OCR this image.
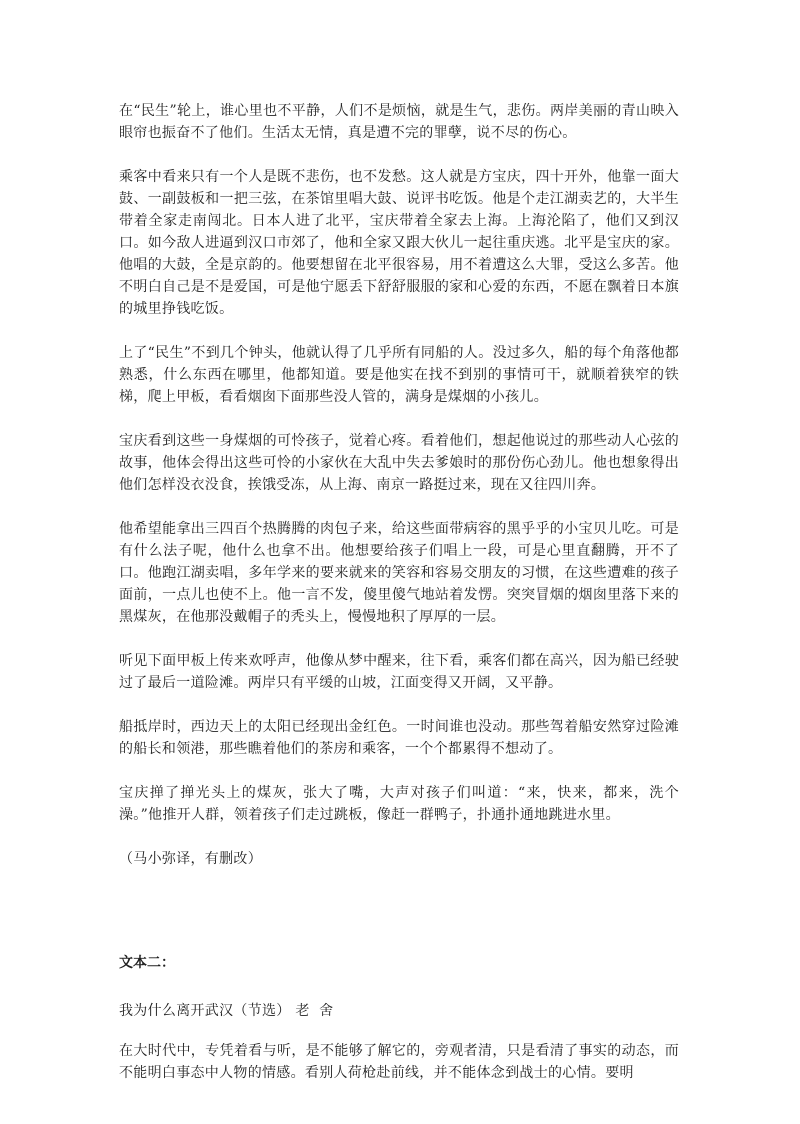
在“民生”轮上，谁心里也不平静，人们不是烦恼，就是生气，悲伤。两岸美丽的青山映入眼帘也振奋不了他们。生活太无情，真是遭不完的罪孽，说不尽的伤心。

乘客中看来只有一个人是既不悲伤，也不发愁。这人就是方宝庆，四十开外，他靠一面大鼓、一副鼓板和一把三弦，在茶馆里唱大鼓、说评书吃饭。他是个走江湖卖艺的，大半生带着全家走南闯北。日本人进了北平，宝庆带着全家去上海。上海沦陷了，他们又到汉口。如今敌人进逼到汉口市郊了，他和全家又跟大伙儿一起往重庆逃。北平是宝庆的家。他唱的大鼓，全是京韵的。他要想留在北平很容易，用不着遭这么大罪，受这么多苦。他不明白自己是不是爱国，可是他宁愿丢下舒舒服服的家和心爱的东西，不愿在飘着日本旗的城里挣钱吃饭。

上了“民生”不到几个钟头，他就认得了几乎所有同船的人。没过多久，船的每个角落他都熟悉，什么东西在哪里，他都知道。要是他实在找不到别的事情可干，就顺着狭窄的铁梯，爬上甲板，看看烟囱下面那些没人管的，满身是煤烟的小孩儿。

宝庆看到这些一身煤烟的可怜孩子，觉着心疼。看着他们，想起他说过的那些动人心弦的故事，他体会得出这些可怜的小家伙在大乱中失去爹娘时的那份伤心劲儿。他也想象得出他们怎样没衣没食，挨饿受冻，从上海、南京一路挺过来，现在又往四川奔。

他希望能拿出三四百个热腾腾的肉包子来，给这些面带病容的黑乎乎的小宝贝儿吃。可是有什么法子呢，他什么也拿不出。他想要给孩子们唱上一段，可是心里直翻腾，开不了口。他跑江湖卖唱，多年学来的要来就来的笑容和容易交朋友的习惯，在这些遭难的孩子面前，一点儿也使不上。他一言不发，傻里傻气地站着发愣。突突冒烟的烟囱里落下来的黑煤灰，在他那没戴帽子的秃头上，慢慢地积了厚厚的一层。

听见下面甲板上传来欢呼声，他像从梦中醒来，往下看，乘客们都在高兴，因为船已经驶过了最后一道险滩。两岸只有平缓的山坡，江面变得又开阔，又平静。

船抵岸时，西边天上的太阳已经现出金红色。一时间谁也没动。那些驾着船安然穿过险滩的船长和领港，那些瞧着他们的茶房和乘客，一个个都累得不想动了。

宝庆掸了掸光头上的煤灰，张大了嘴，大声对孩子们叫道：“来，快来，都来，洗个澡。”他推开人群，领着孩子们走过跳板，像赶一群鸭子，扑通扑通地跳进水里。

（马小弥译，有删改）

文本二：

我为什么离开武汉（节选） 老  舍

在大时代中，专凭着看与听，是不能够了解它的，旁观者清，只是看清了事实的动态，而不能明白事态中人物的情感。看别人荷枪赴前线，并不能体念到战士的心情。要明
